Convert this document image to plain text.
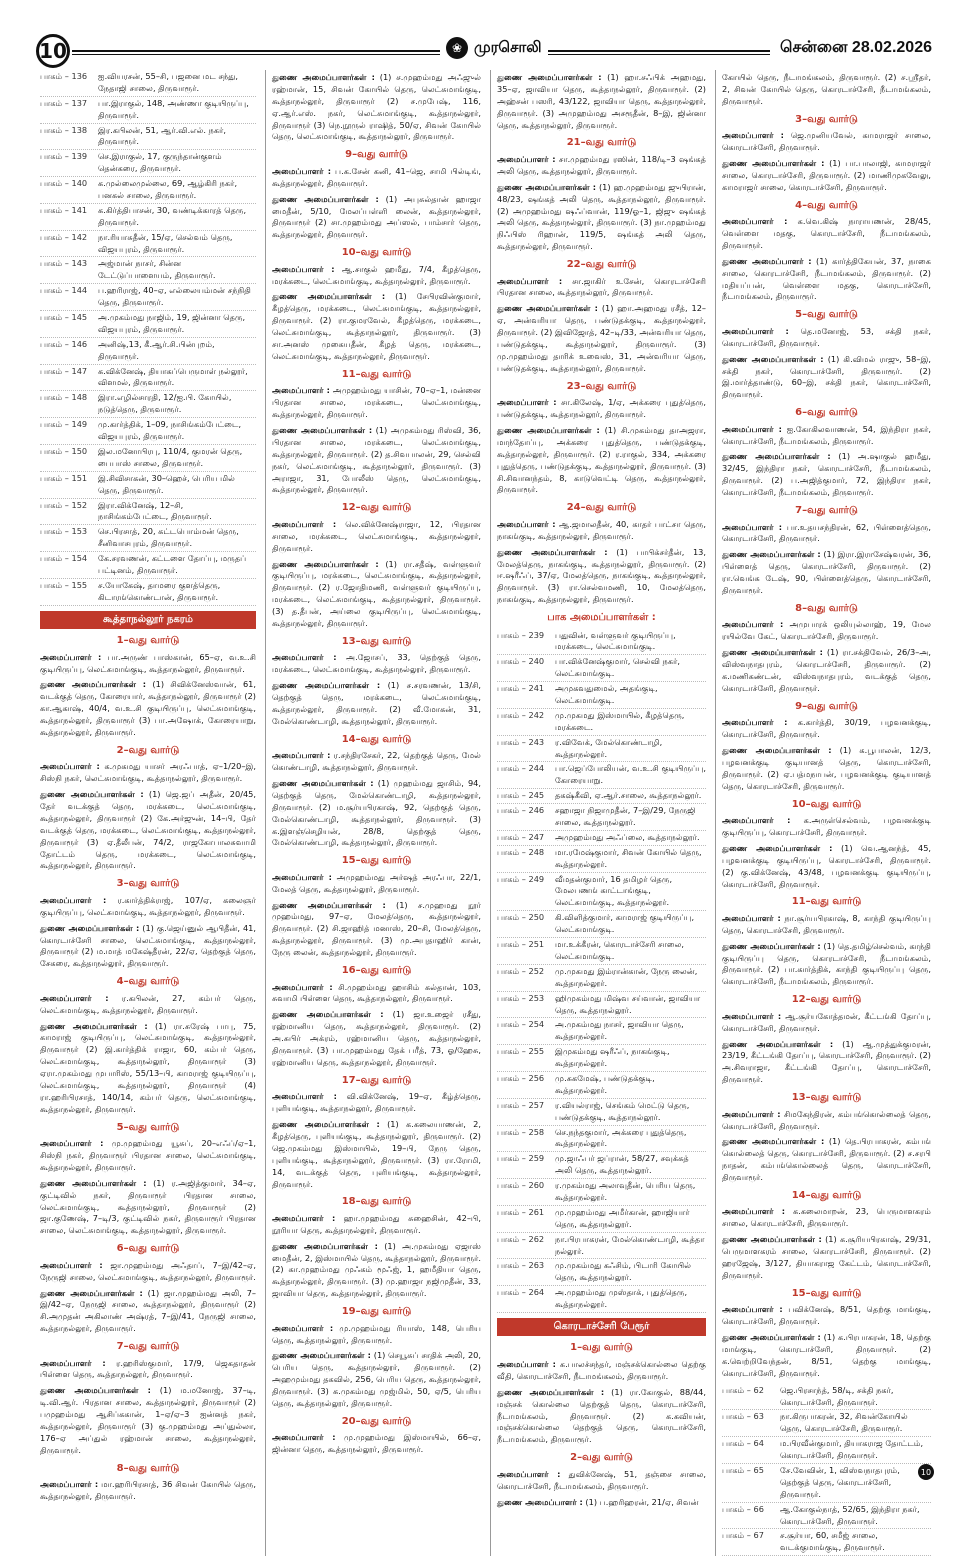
10	❀ முரசொலி	சென்னை 28.02.2026
பாகம் – 136	ஐ.வியரசன், 55–சி, பஜனை மட சந்து, நேதாஜி சாலை, திருவாரூர்.
பாகம் – 137	பா.இராகுல், 148, அண்ணா குடியிருப்பு, திருவாரூர்.
பாகம் – 138	இர.கபிலன், 51, ஆர்.வி.எல். நகர், திருவாரூர்.
பாகம் – 139	செ.இராகுல், 17, குருந்தான்குளம் தென்கரை, திருவாரூர்.
பாகம் – 140	க.முல்லைமுல்லை, 69, ஆழ்கிரி நகர், பனகல் சாலை, திருவாரூர்.
பாகம் – 141	க.கிர்த்திபாசன், 30, வண்டிக்காரத் தெரு, திருவாரூர்.
பாகம் – 142	நா.ரியாசுதீன், 15/ஏ, செல்வம் தெரு, விஜயபுரம், திருவாரூர்.
பாகம் – 143	அஜ்மான் நாசர், சின்ன டேட்டுப்பாளையம், திருவாரூர்.
பாகம் – 144	ப.ஹரிராஜ், 40–ஏ, எல்லையம்மன் சந்நிதி தெரு, திருவாரூர்.
பாகம் – 145	அ.முகம்மது நாஜிம், 19, ஜின்னா தெரு, விஜயபுரம், திருவாரூர்.
பாகம் – 146	அனிஷ்,13, கீ.ஆர்.சி.பின்புறம், திருவாரூர்.
பாகம் – 147	க.விக்னேஷ், தியாகப்பெருமாள் நல்லூர், விளமல், திருவாரூர்.
பாகம் – 148	இரா.எழில்சாரதி, 12/ஐ.பி. கோயில், நடுத்தெரு, திருவாரூர்.
பாகம் – 149	மு.கார்த்திக், 1–09, நாசிங்கம்பேட்டை, விஜயபுரம், திருவாரூர்.
பாகம் – 150	இல.மனோபிரபு, 110/4, குமரன் தெரு, பைபாஸ் சாலை, திருவாரூர்.
பாகம் – 151	இ.சிவிசாகன், 30–ஹெச், பெரிய மில் தெரு, திருவாரூர்.
பாகம் – 152	இரா.விக்னேஷ், 12–சி, நாசிங்கம்பேட்டை, திருவாரூர்.
பாகம் – 153	செ.பிரசாத், 20, கட்டபொம்மன் தெரு, சீனிவாசபுரம், திருவாரூர்.
பாகம் – 154	கே.சரவணன், கட்டளை தோப்பு, மருதப் பட்டினம், திருவாரூர்.
பாகம் – 155	ச.யோகேஷ், தாமரை குளத்தெரு, கிடாரங்கொண்டான், திருவாரூர்.
கூத்தாநல்லூர் நகரம்
1–வது வார்டு
அமைப்பாளர் : பா.அருண் பாஸ்கான், 65–ஏ, வ.உ.சி குடியிருப்பு, லெட்சுமாங்குடி, கூத்தாநல்லூர், திருவாரூர்.
துணை அமைப்பாளர்கள் : (1) சிவிக்னேஸ்வான், 61, வடக்குத் தெரு, கோரையார், கூத்தாநல்லூர், திருவாரூர் (2) கா.ஆகாஷ், 40/4, வ.உ.சி குடியிருப்பு, லெட்சுமாங்குடி, கூத்தாநல்லூர், திருவாரூர் (3) பா.அஷோக், கோரையாறு, கூத்தாநல்லூர், திருவாரூர்.
2–வது வார்டு
அமைப்பாளர் : க.முகமது யாசர் அரஃபாத், ஏ–1/20–இ, சிஸ்நி நகர், லெட்சுமாங்குடி, கூத்தாநல்லூர், திருவாரூர்.
துணை அமைப்பாளர்கள் : (1) ஜெ.ஜப் அதீன், 20/45, தேர் வடக்குத் தெரு, மரக்கடை, லெட்சுமாங்குடி, கூத்தாநல்லூர், திருவாரூர் (2) கே.அர்ஜுன், 14–பி, தேர் வடக்குத் தெரு, மரக்கடை, லெட்சுமாங்குடி, கூத்தாநல்லூர், திருவாரூர் (3) ஏ.தீலீபன், 74/2, ராஜகோபாலசுவாமி தோட்டம் தெரு, மரக்கடை, லெட்சுமாங்குடி, கூத்தாநல்லூர், திருவாரூர்.
3–வது வார்டு
அமைப்பாளர் : ர.கார்த்திக்ராஜ், 107/ஏ, கலைஞர் குடியிருப்பு, லெட்சுமாங்குடி, கூத்தாநல்லூர், திருவாரூர்.
துணை அமைப்பாளர்கள் : (1) கு.ஜெய்னுல் ஆபிதீன், 41, கொரடாச்சேரி சாலை, லெட்சுமாங்குடி, கூத்தாநல்லூர், திருவாரூர் (2) ம.மாத் மகேஷ்தீரன், 22/ஏ, தெற்குத் தெரு, சேகரை, கூத்தாநல்லூர், திருவாரூர்.
4–வது வார்டு
அமைப்பாளர் : ர.கபிலன், 27, கம்பர் தெரு, லெட்சுமாங்குடி, கூத்தாநல்லூர், திருவாரூர்.
துணை அமைப்பாளர்கள் : (1) ரா.சுரேஷ் பாபு, 75, காமராஜ் குடியிருப்பு, லெட்சுமாங்குடி, கூத்தாநல்லூர், திருவாரூர் (2) இ.கார்த்திக் ராஜா, 60, கம்பர் தெரு, லெட்சுமாங்குடி, கூத்தாநல்லூர், திருவாரூர் (3) ஏரா.முகம்மது முபாரிஸ், 55/13–பி, காமராஜ் குடியிருப்பு, லெட்சுமாங்குடி, கூத்தாநல்லூர், திருவாரூர் (4) ரா.ஹரிபிரசாத், 140/14, கம்பர் தெரு, லெட்சுமாங்குடி, கூத்தாநல்லூர், திருவாரூர்.
5–வது வார்டு
அமைப்பாளர் : மு.முஹம்மது யூசுப், 20–எஃப்/ஏ–1, சிஸ்நி நகர், திருவாரூர் பிரதான சாலை, லெட்சுமாங்குடி, கூத்தாநல்லூர், திருவாரூர்.
துணை அமைப்பாளர்கள் : (1) ர.அஜித்குமார், 34–ஏ, குட்டிவில் நகர், திருவாரூர் பிரதான சாலை, லெட்சுமாங்குடி, கூத்தாநல்லூர், திருவாரூர் (2) ஜா.குணேஷ், 7–டி/3, குட்டிவில் நகர், திருவாரூர் பிரதான சாலை, லெட்சுமாங்குடி, கூத்தாநல்லூர், திருவாரூர்.
6–வது வார்டு
அமைப்பாளர் : ஜா.முஹம்மது அஃதாப், 7–இ/42–ஏ, நேருஜி சாலை, லெட்சுமாங்குடி, கூத்தாநல்லூர், திருவாரூர்.
துணை அமைப்பாளர்கள் : (1) ஜா.முஹம்மது அலி, 7–இ/42–ஏ, நேருஜி சாலை, கூத்தாநல்லூர், திருவாரூர் (2) சி.அமுதன் அகிலாண் அஷ்ரத், 7–இ/41, நேருஜி சாலை, கூத்தாநல்லூர், திருவாரூர்.
7–வது வார்டு
அமைப்பாளர் : ர.ஹரிஸ்குமார், 17/9, ஜெகதாதன் பிள்ளை தெரு, கூத்தாநல்லூர், திருவாரூர்.
துணை அமைப்பாளர்கள் : (1) ம.மனோஜ், 37–டி, டி.வி.ஆர். பிரதான சாலை, கூத்தாநல்லூர், திருவாரூர் (2) பமுஹம்மது ஆசிப்ககான், 1–ஏ/ஏ–3 ஐன்னத் நகர், கூத்தாநல்லூர், திருவாரூர் (3) கு.முஹம்மது அப்துல்லா, 176–ஏ அப்துல் ரஹ்மான் சாலை, கூத்தாநல்லூர், திருவாரூர்.
8–வது வார்டு
அமைப்பாளர் : மா.ஹரிபிரசாத், 36 சிவன் கோயில் தெரு, கூத்தாநல்லூர், திருவாரூர்.
துணை அமைப்பாளர்கள் : (1) ச.முஹம்மது அஃஜுல் ரஹ்மான், 15, சிவன் கோயில் தெரு, லெட்சுமாங்குடி, கூத்தாநல்லூர், திருவாரூர் (2) ச.முபேஷ், 116, ஏ.ஆர்.எஸ். நகர், லெட்சுமாங்குடி, கூத்தாநல்லூர், திருவாரூர் (3) நெ.நூருல் ராஷித், 50/ஏ, சிவன் கோயில் தெரு, லெட்சுமாங்குடி, கூத்தாநல்லூர், திருவாரூர்.
9–வது வார்டு
அமைப்பாளர் : ப.க.சேன் கனி, 41–ஜெ, சாமி பில்டிங், கூத்தாநல்லூர், திருவாரூர்.
துணை அமைப்பாளர்கள் : (1) அபுசுல்தான் ஹாஜா மைதீன், 5/10, மேலப்பள்ளி லைன், கூத்தாநல்லூர், திருவாரூர் (2) சா.முஹம்மது அப்ஸல், பாம்சார் தெரு, கூத்தாநல்லூர், திருவாரூர்.
10–வது வார்டு
அமைப்பாளர் : ஆ.சாகுல் ஹமீது, 7/4, கீழத்தெரு, மரக்கடை, லெட்சுமாங்குடி, கூத்தாநல்லூர், திருவாரூர்.
துணை அமைப்பாளர்கள் : (1) சேபிரவின்குமார், கீழத்தெரு, மரக்கடை, லெட்சுமாங்குடி, கூத்தாநல்லூர், திருவாரூர். (2) ரா.குமரவேல், கீழத்தெரு, மரக்கடை, லெட்சுமாங்குடி, கூத்தாநல்லூர், திருவாரூர். (3) சா.அனஸ் முகையதீன், கீழத் தெரு, மரக்கடை, லெட்சுமாங்குடி, கூத்தாநல்லூர், திருவாரூர்.
11–வது வார்டு
அமைப்பாளர் : அமுஹம்மது யாசின், 70–ஏ–1, மன்னை பிரதான சாலை, மரக்கடை, லெட்சுமாங்குடி, கூத்தாநல்லூர், திருவாரூர்.
துணை அமைப்பாளர்கள் : (1) அமுகம்மது ரிஸ்வி, 36, பிரதான சாலை, மரக்கடை, லெட்சுமாங்குடி, கூத்தாநல்லூர், திருவாரூர். (2) த.சிவபாலன், 29, செல்வி நகர், லெட்சுமாங்குடி, கூத்தாநல்லூர், திருவாரூர். (3) அராஜா, 31, போலீஸ் தெரு, லெட்சுமாங்குடி, கூத்தாநல்லூர், திருவாரூர்.
12–வது வார்டு
அமைப்பாளர் : லெ.விக்னேஷ்ராஜா, 12, பிரதான சாலை, மரக்கடை, லெட்சுமாங்குடி, கூத்தாநல்லூர், திருவாரூர்.
துணை அமைப்பாளர்கள் : (1) ரா.சதீஷ், வள்ளுவர் குடியிருப்பு, மரக்கடை, லெட்சுமாங்குடி, கூத்தாநல்லூர், திருவாரூர். (2) ர.ஜோதிமணி, வள்ளுவர் குடியிருப்பு, மரக்கடை, லெட்சுமாங்குடி, கூத்தாநல்லூர், திருவாரூர். (3) த.தீபன், அய்லை குடியிருப்பு, லெட்சுமாங்குடி, கூத்தாநல்லூர், திருவாரூர்.
13–வது வார்டு
அமைப்பாளர் : அ.ஜோசப், 33, தெற்குத் தெரு, மரக்கடை, லெட்சுமாங்குடி, கூத்தாநல்லூர், திருவாரூர்.
துணை அமைப்பாளர்கள் : (1) ச.சரவணன், 13/சி, தெற்குத் தெரு, மரக்கடை, லெட்சுமாங்குடி, கூத்தாநல்லூர், திருவாரூர். (2) வீ.மோகன், 31, மேல்கொண்டாழி, கூத்தாநல்லூர், திருவாரூர்.
14–வது வார்டு
அமைப்பாளர் : ர.சந்திரசேகர், 22, தெற்குத் தெரு, மேல் கொண்டாழி, கூத்தாநல்லூர், திருவாரூர்.
துணை அமைப்பாளர்கள் : (1) முஹம்மது ஜாசிம், 94, தெற்குத் தெரு, மேல்கொண்டாழி, கூத்தாநல்லூர், திருவாரூர். (2) ம.சூர்யபிரகாஷ், 92, தெற்குத் தெரு, மேல்கொண்டாழி, கூத்தாநல்லூர், திருவாரூர். (3) க.இளஞ்செழியன், 28/8, தெற்குத் தெரு, மேல்கொண்டாழி, கூத்தாநல்லூர், திருவாரூர்.
15–வது வார்டு
அமைப்பாளர் : அமுஹம்மது அர்ஷத் அரஃபா, 22/1, மேலத் தெரு, கூத்தாநல்லூர், திருவாரூர்.
துணை அமைப்பாளர்கள் : (1) ச.முஹமது நூர் முஹம்மது, 97–ஏ, மேலத்தெரு, கூத்தாநல்லூர், திருவாரூர். (2) சி.ஜாஹித் மனாஸ், 20–சி, மேலத்தெரு, கூத்தாநல்லூர், திருவாரூர். (3) மு.அபுதாஹிர் கான், நேரு லைன், கூத்தாநல்லூர், திருவாரூர்.
16–வது வார்டு
அமைப்பாளர் : சி.முஹம்மது ஹாசிம் கல்தான், 103, சுவாமி பிள்ளை தெரு, கூத்தாநல்லூர், திருவாரூர்.
துணை அமைப்பாளர்கள் : (1) ஜா.உஜைர் ரசீது, ரஹ்மானிய தெரு, கூத்தாநல்லூர், திருவாரூர். (2) அ.சுபிர் அக்ரம், ரஹ்மானிய தெரு, கூத்தாநல்லூர், திருவாரூர். (3) பா.முஹம்மது தேக் பரீத், 73, ஓ/ஹேசு, ரஹ்மானிய தெரு, கூத்தாநல்லூர், திருவாரூர்.
17–வது வார்டு
அமைப்பாளர் : வி.விக்னேஷ், 19–ஏ, கீழ்த்தெரு, புளியங்குடி, கூத்தாநல்லூர், திருவாரூர்.
துணை அமைப்பாளர்கள் : (1) க.கலையாணன், 2, கீழத்தெரு, புளியங்குடி, கூத்தாநல்லூர், திருவாரூர். (2) ஜெ.முகம்மது இஸ்மாயில், 19–பி, நேரு தெரு, புளியங்குடி, கூத்தாநல்லூர், திருவாரூர். (3) ரா.ரோமி, 14, வடக்குத் தெரு, புளியங்குடி, கூத்தாநல்லூர், திருவாரூர்.
18–வது வார்டு
அமைப்பாளர் : ஹா.முஹம்மது சுஹைசின், 42–பி, நூரியா தெரு, கூத்தாநல்லூர், திருவாரூர்.
துணை அமைப்பாளர்கள் : (1) அ.முகம்மது ஏஜாஸ் மைதீன், 2, இஸ்மாயில் தெரு, கூத்தாநல்லூர், திருவாரூர். (2) கா.முஹம்மது முஃகம் மூஃஜ், 1, ஹமீதியா தெரு, கூத்தாநல்லூர், திருவாரூர். (3) மு.ஹாஜா நஜிமுதீன், 33, ஜாவியா தெரு, கூத்தாநல்லூர், திருவாரூர்.
19–வது வார்டு
அமைப்பாளர் : மு.முஹம்மது ரியாஸ், 148, பெரிய தெரு, கூத்தாநல்லூர், திருவாரூர்.
துணை அமைப்பாளர்கள் : (1) செயூசுப் சாதிக் அலி, 20, பெரிய தெரு, கூத்தாநல்லூர், திருவாரூர். (2) அஹமும்மது தகவில், 256, பெரிய தெரு, கூத்தாநல்லூர், திருவாரூர். (3) க.முகம்மது முஜ்மில், 50, ஏ/5, பெரிய தெரு, கூத்தாநல்லூர், திருவாரூர்.
20–வது வார்டு
அமைப்பாளர் : மு.முஹம்மது இஸ்மாயில், 66–ஏ, ஜின்னா தெரு, கூத்தாநல்லூர், திருவாரூர்.
துணை அமைப்பாளர்கள் : (1) ஹா.சஃபிக் அஹமது, 35–ஏ, ஜாவியா தெரு, கூத்தாநல்லூர், திருவாரூர். (2) அஹ்சன் பஸரி, 43/122, ஜாவியா தெரு, கூத்தாநல்லூர், திருவாரூர். (3) அமுஹம்மது அசரூதீன், 8–இ, ஜின்னா தெரு, கூத்தாநல்லூர், திருவாரூர்.
21–வது வார்டு
அமைப்பாளர் : சா.முஹம்மது ரஸின், 118/டி–3 ஷங்கத் அலி தெரு, கூத்தாநல்லூர், திருவாரூர்.
துணை அமைப்பாளர்கள் : (1) ஹ.முஹம்மது ஜுபிரான், 48/23, ஷங்கத் அலி தெரு, கூத்தாநல்லூர், திருவாரூர். (2) அமுஹம்மது ஷஃப்வான், 119/ஓ–1, ஜிஜு ஷங்கத் அலி தெரு, கூத்தாநல்லூர், திருவாரூர். (3) நா.முஹம்மது நிஃபிஸ் ரிஹான், 119/5, ஷங்கத் அலி தெரு, கூத்தாநல்லூர், திருவாரூர்.
22–வது வார்டு
அமைப்பாளர் : சா.ஜாகிர் உசேன், கொரடாச்சேரி பிரதான சாலை, கூத்தாநல்லூர், திருவாரூர்.
துணை அமைப்பாளர்கள் : (1) ஹா.அஹமது ரசீத், 12–ஏ, அன்வரியா தெரு, பண்டுதக்குடி, கூத்தாநல்லூர், திருவாரூர். (2) இவிஜோத், 42–டி/33, அன்வரியா தெரு, பண்டுதக்குடி, கூத்தாநல்லூர், திருவாரூர். (3) மு.முஹம்மது தாரிக் உவைஸ், 31, அன்வரியா தெரு, பண்டுதக்குடி, கூத்தாநல்லூர், திருவாரூர்.
23–வது வார்டு
அமைப்பாளர் : சா.கிலேஷ், 1/ஏ, அக்கரை புதுத்தெரு, பண்டுதக்குடி, கூத்தாநல்லூர், திருவாரூர்.
துணை அமைப்பாளர்கள் : (1) சி.முகம்மது தாஅஜரா, மாந்தோப்பு, அக்கரை புதுத்தெரு, பண்டுதக்குடி, கூத்தாநல்லூர், திருவாரூர். (2) ர.ராகுல், 334, அக்கரை புதுத்தெரு, பண்டுதக்குடி, கூத்தாநல்லூர், திருவாரூர். (3) சி.சிவானந்தம், 8, காடுவெட்டி தெரு, கூத்தாநல்லூர், திருவாரூர்.
24–வது வார்டு
அமைப்பாளர் : ஆ.ஜமாலதீன், 40, காதர் பாட்சா தெரு, நாகங்குடி, கூத்தாநல்லூர், திருவாரூர்.
துணை அமைப்பாளர்கள் : (1) பாபிக்சர்தீன், 13, மேலத்தெரு, நாகங்குடி, கூத்தாநல்லூர், திருவாரூர். (2) ஈ.ஷரீஃப், 37/ஏ, மேலத்தெரு, நாகங்குடி, கூத்தாநல்லூர், திருவாரூர். (3) ரா.செல்வமணி, 10, மேலத்தெரு, நாகங்குடி, கூத்தாநல்லூர், திருவாரூர்.
பாக அமைப்பாளர்கள் :
பாகம் – 239	பதுவின், வள்ளுவர் குடியிருப்பு, மரக்கடை, லெட்சுமாங்குடி.
பாகம் – 240	பா.விக்னேஷ்குமார், செல்வி நகர், லெட்சுமாங்குடி.
பாகம் – 241	அமுகவதுமைல், அதங்குடி, லெட்சுமாங்குடி.
பாகம் – 242	மு.முகமது இஸ்மாயில், கீழத்தெரு, மரக்கடை.
பாகம் – 243	ர.விவேக், மேல்கொண்டாழி, கூத்தாநல்லூர்.
பாகம் – 244	பா.ஜெப்போலியன், வ.உ.சி குடியிருப்பு, கோரையாறு.
பாகம் – 245	தகஷ்கீவி, ஏ.ஆர்.சாலை, கூத்தாநல்லூர்.
பாகம் – 246	சஹாஜா நிஜாமுதீன், 7–இ/29, நேருஜி சாலை, கூத்தாநல்லூர்.
பாகம் – 247	அமுஹம்மது அஃப்லை, கூத்தாநல்லூர்.
பாகம் – 248	மா.ரமேஷ்குமார், சிவன் கோயில் தெரு, கூத்தாநல்லூர்.
பாகம் – 249	வீமதன்குமார், 16 தமிழர் தெரு, மேலபணங் காட்டாங்குடி, லெட்சுமாங்குடி, கூத்தாநல்லூர்.
பாகம் – 250	கி.விளித்குமார், காமராஜ் குடியிருப்பு, லெட்சுமாங்குடி.
பாகம் – 251	மா.உக்கீரன், கொரடாச்சேரி சாலை, லெட்சுமாங்குடி.
பாகம் – 252	மு.முகமது இம்ரான்கான், நேரு லைன், கூத்தாநல்லூர்.
பாகம் – 253	ஹிமுகம்மது மிஷ்வ சய்வான், ஜாவியா தெரு, கூத்தாநல்லூர்.
பாகம் – 254	அ.முகம்மது நாசர், ஜாவியா தெரு, கூத்தாநல்லூர்.
பாகம் – 255	இமுகம்மது ஷரீஃப், நாகங்குடி, கூத்தாநல்லூர்.
பாகம் – 256	மு.சுகமேஷ், பண்டுதக்குடி, கூத்தாநல்லூர்.
பாகம் – 257	ர.வியல்ராஜ், செங்கம் மெட்டு தெரு, பண்டுதக்குடி, கூத்தாநல்லூர்.
பாகம் – 258	செ.நந்தகுமார், அக்கரை புதுத்தெரு, கூத்தாநல்லூர்.
பாகம் – 259	மு.ஜாஃபர் ஜப்ரான், 58/27, சவுக்கத் அலி தெரு, கூத்தாநல்லூர்.
பாகம் – 260	ர.முகம்மது அலாவுதீன், பெரிய தெரு, கூத்தாநல்லூர்.
பாகம் – 261	மு.முஹம்மது அமீர்கான், ஹாஜியார் தெரு, கூத்தாநல்லூர்.
பாகம் – 262	நா.பிரபாகரன், மேல்கொண்டாழி, கூத்தா நல்லூர்.
பாகம் – 263	மு.முகம்மது கஃசிம், பிடாரி கோயில் தெரு, கூத்தாநல்லூர்.
பாகம் – 264	அ.முஹம்மது முஸ்தாக், புதுத்தெரு, கூத்தாநல்லூர்.
கொரடாச்சேரி பேரூர்
1–வது வார்டு
அமைப்பாளர் : க.பாலச்சந்தர், மஞ்சக்கொல்லை தெற்கு வீதி, கொரடாச்சேரி, நீடாமங்கலம், திருவாரூர்.
துணை அமைப்பாளர்கள் : (1) ரா.கோகுல், 88/44, மஞ்சக் கொல்லை தெற்குத் தெரு, கொரடாச்சேரி, நீடாமங்கலம், திருவாரூர். (2) க.கவியன், மஞ்சக்கொல்லை தெற்குத் தெரு, கொரடாச்சேரி, நீடாமங்கலம், திருவாரூர்.
2–வது வார்டு
அமைப்பாளர் : துவிக்னேஷ், 51, தஞ்சை சாலை, கொரடாச்சேரி, நீடாமங்கலம், திருவாரூர்.
துணை அமைப்பாளர் : (1) ப.ஹரிஹரன், 21/ஏ, சிவன்
கோயில் தெரு, நீடாமங்கலம், திருவாரூர். (2) ச.ஸ்ரீதர், 2, சிவன் கோயில் தெரு, கொரடாச்சேரி, நீடாமங்கலம், திருவாரூர்.
3–வது வார்டு
அமைப்பாளர் : ஜெ.முனியவேல், காமராஜர் சாலை, கொரடாச்சேரி, திருவாரூர்.
துணை அமைப்பாளர்கள் : (1) பா.பாலாஜி, காமராஜர் சாலை, கொரடாச்சேரி, திருவாரூர். (2) மாணிமுகவேலு, காமராஜர் சாலை, கொரடாச்சேரி, திருவாரூர்.
4–வது வார்டு
அமைப்பாளர் : க.வெ.கிஷ் நாராயணன், 28/45, வெள்ளை மதகு, கொரடாச்சேரி, நீடாமங்கலம், திருவாரூர்.
துணை அமைப்பாளர் : (1) கார்த்திகேயன், 37, நாகை சாலை, கொரடாச்சேரி, நீடாமங்கலம், திருவாரூர். (2) மதியப்பன், வெள்ளை மதகு, கொரடாச்சேரி, நீடாமங்கலம், திருவாரூர்.
5–வது வார்டு
அமைப்பாளர் : தெ.மனோஜ், 53, சக்தி நகர், கொரடாச்சேரி, திருவாரூர்.
துணை அமைப்பாளர்கள் : (1) கி.விமல் ராஜு, 58–இ, சக்தி நகர், கொரடாச்சேரி, திருவாரூர். (2) இ.மார்த்தாண்டு, 60–இ, சக்தி நகர், கொரடாச்சேரி, திருவாரூர்.
6–வது வார்டு
அமைப்பாளர் : ஐ.கோகிலவாணன், 54, இந்திரா நகர், கொரடாச்சேரி, நீடாமங்கலம், திருவாரூர்.
துணை அமைப்பாளர்கள் : (1) அ.ஷாகுல் ஹமீது, 32/45, இந்திரா நகர், கொரடாச்சேரி, நீடாமங்கலம், திருவாரூர். (2) ப.அஜித்குமார், 72, இந்திரா நகர், கொரடாச்சேரி, நீடாமங்கலம், திருவாரூர்.
7–வது வார்டு
அமைப்பாளர் : பா.உதயசந்திரன், 62, பிள்ளைத்தெரு, கொரடாச்சேரி, திருவாரூர்.
துணை அமைப்பாளர்கள் : (1) இரா.இராசேஷ்வரன், 36, பிள்ளைத் தெரு, கொரடாச்சேரி, திருவாரூர். (2) ரா.வெங்க டேஷ், 90, பிள்ளைத்தெரு, கொரடாச்சேரி, திருவாரூர்.
8–வது வார்டு
அமைப்பாளர் : அமுபாரக் ஒலியுல்லாஹ், 19, மேல ரயில்வே கேட், கொரடாச்சேரி, திருவாரூர்.
துணை அமைப்பாளர்கள் : (1) ரா.சக்திவேல், 26/3–அ, விஸ்வநாதபுரம், கொரடாச்சேரி, திருவாரூர். (2) க.மணிகண்டன், விஸ்வநாதபுரம், வடக்குத் தெரு, கொரடாச்சேரி, திருவாரூர்.
9–வது வார்டு
அமைப்பாளர் : க.கார்த்தி, 30/19, பழவனக்குடி, கொரடாச்சேரி, திருவாரூர்.
துணை அமைப்பாளர்கள் : (1) க.பூபாலன், 12/3, பழவனக்குடி குடியானத் தெரு, கொரடாச்சேரி, திருவாரூர். (2) ஏ.பத்மநாபன், பழவனக்குடி குடியானத் தெரு, கொரடாச்சேரி, திருவாரூர்.
10–வது வார்டு
அமைப்பாளர் : க.அருள்செல்வம், பழவனக்குடி குடியிருப்பு, கொரடாச்சேரி, திருவாரூர்.
துணை அமைப்பாளர்கள் : (1) வெ.ஆனந்த், 45, பழவனக்குடி குடியிருப்பு, கொரடாச்சேரி, திருவாரூர். (2) கு.விக்னேஷ், 43/48, பழவனக்குடி குடியிருப்பு, கொரடாச்சேரி, திருவாரூர்.
11–வது வார்டு
அமைப்பாளர் : நா.சூர்யபிரகாஷ், 8, காந்தி குடியிருப்பு தெரு, கொரடாச்சேரி, திருவாரூர்.
துணை அமைப்பாளர்கள் : (1) தெ.தமிழ்செல்வம், காந்தி குடியிருப்பு தெரு, கொரடாச்சேரி, நீடாமங்கலம், திருவாரூர். (2) பா.கார்த்திக், காந்தி குடியிருப்பு தெரு, கொரடாச்சேரி, நீடாமங்கலம், திருவாரூர்.
12–வது வார்டு
அமைப்பாளர் : ஆ.சூர்யகோத்தமன், கீட்டங்கி தோப்பு, கொரடாச்சேரி, திருவாரூர்.
துணை அமைப்பாளர்கள் : (1) ஆ.முத்துக்குமரன், 23/19, கீட்டங்கி தோப்பு, கொரடாச்சேரி, திருவாரூர். (2) அ.சிவராஜா, கீட்டங்கி தோப்பு, கொரடாச்சேரி, திருவாரூர்.
13–வது வார்டு
அமைப்பாளர் : சிமகேந்திரன், கம்பங்கொல்லைத் தெரு, கொரடாச்சேரி, திருவாரூர்.
துணை அமைப்பாளர்கள் : (1) தெ.பிரபாகரன், கம்பங் கொல்லைத் தெரு, கொரடாச்சேரி, திருவாரூர். (2) ச.சரபி நாதன், கம்பங்கொல்லைத் தெரு, கொரடாச்சேரி, திருவாரூர்.
14–வது வார்டு
அமைப்பாளர் : க.கலைமாறன், 23, பெருமாளகரம் சாலை, கொரடாச்சேரி, திருவாரூர்.
துணை அமைப்பாளர்கள் : (1) க.சூரியபிரகாஷ், 29/31, பெருமாளகரம் சாலை, கொரடாச்சேரி, திருவாரூர். (2) ஹரஜேஷ், 3/127, தியாகராஜ கேட்டம், கொரடாச்சேரி, திருவாரூர்.
15–வது வார்டு
அமைப்பாளர் : பவிக்னேஷ், 8/51, தெற்கு மாங்குடி, கொரடாச்சேரி, திருவாரூர்.
துணை அமைப்பாளர்கள் : (1) க.பிரபாகரன், 18, தெற்கு மாங்குடி, கொரடாச்சேரி, திருவாரூர். (2) க.வெற்றிவேந்தன், 8/51, தெற்கு மாங்குடி, கொரடாச்சேரி, திருவாரூர்.
பாகம் – 62	ஜெ.பிரசாந்த், 58/டி, சக்தி நகர், கொரடாச்சேரி, திருவாரூர்.
பாகம் – 63	நா.கிருபாகரன், 32, சிவன்கோயில் தெரு, கொரடாச்சேரி, திருவாரூர்.
பாகம் – 64	ம.பிரவீன்குமார், தியாகராஜ தோட்டம், கொரடாச்சேரி, திருவாரூர்.
பாகம் – 65	சே.வேவின், 1, விஸ்வநாதபுரம், தெற்குத் தெரு, கொரடாச்சேரி, திருவாரூர்.
பாகம் – 66	ஆ.கோகுல்நாத், 52/65, இந்திரா நகர், கொரடாச்சேரி, திருவாரூர்.
பாகம் – 67	ச.சூர்யா, 60, சமீஜ் சாலை, வடக்குமாங்குடி, திருவாரூர்.
10
